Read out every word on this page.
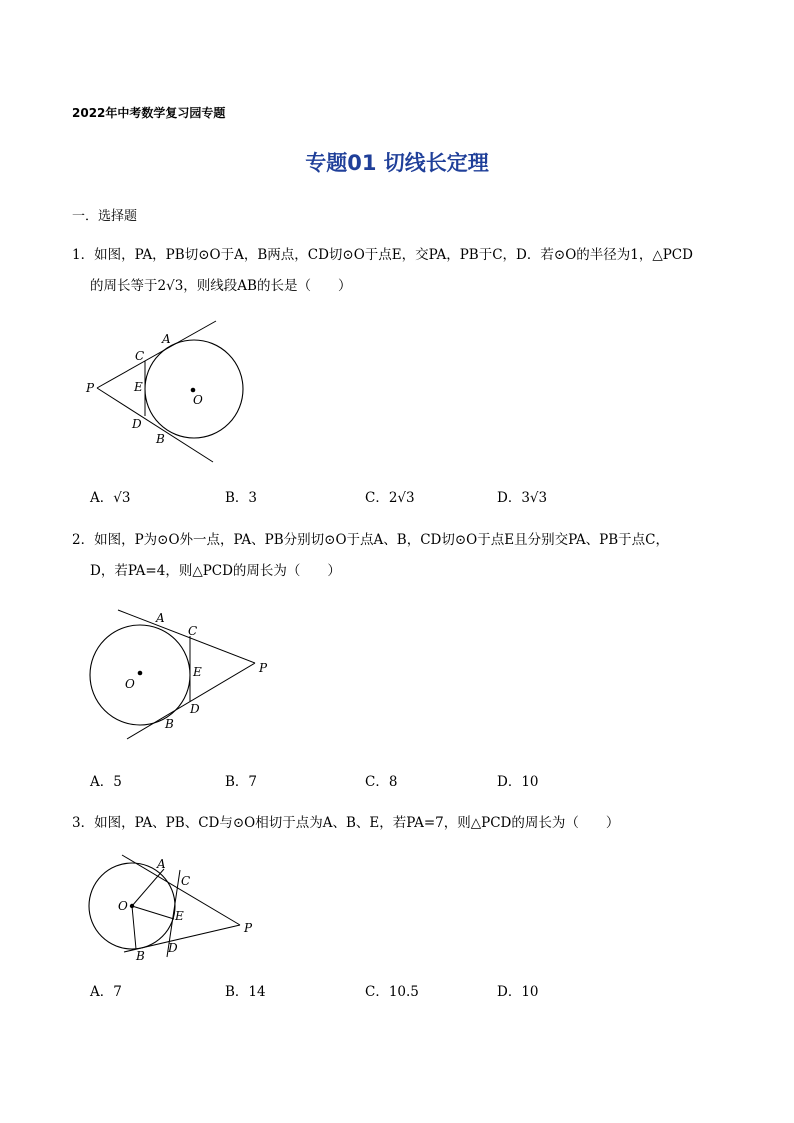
2022年中考数学复习园专题
专题01 切线长定理
一．选择题
1．如图，PA，PB切⊙O于A，B两点，CD切⊙O于点E，交PA，PB于C，D．若⊙O的半径为1，△PCD
的周长等于2√3，则线段AB的长是（　　）
P
A
C
E
D
B
O
A．√3	B．3	C．2√3	D．3√3
2．如图，P为⊙O外一点，PA、PB分别切⊙O于点A、B，CD切⊙O于点E且分别交PA、PB于点C，
D，若PA=4，则△PCD的周长为（　　）
A
C
E	P
D
B
O
A．5	B．7	C．8	D．10
3．如图，PA、PB、CD与⊙O相切于点为A、B、E，若PA=7，则△PCD的周长为（　　）
O
A
C
E
P
D
B
A．7	B．14	C．10.5	D．10
